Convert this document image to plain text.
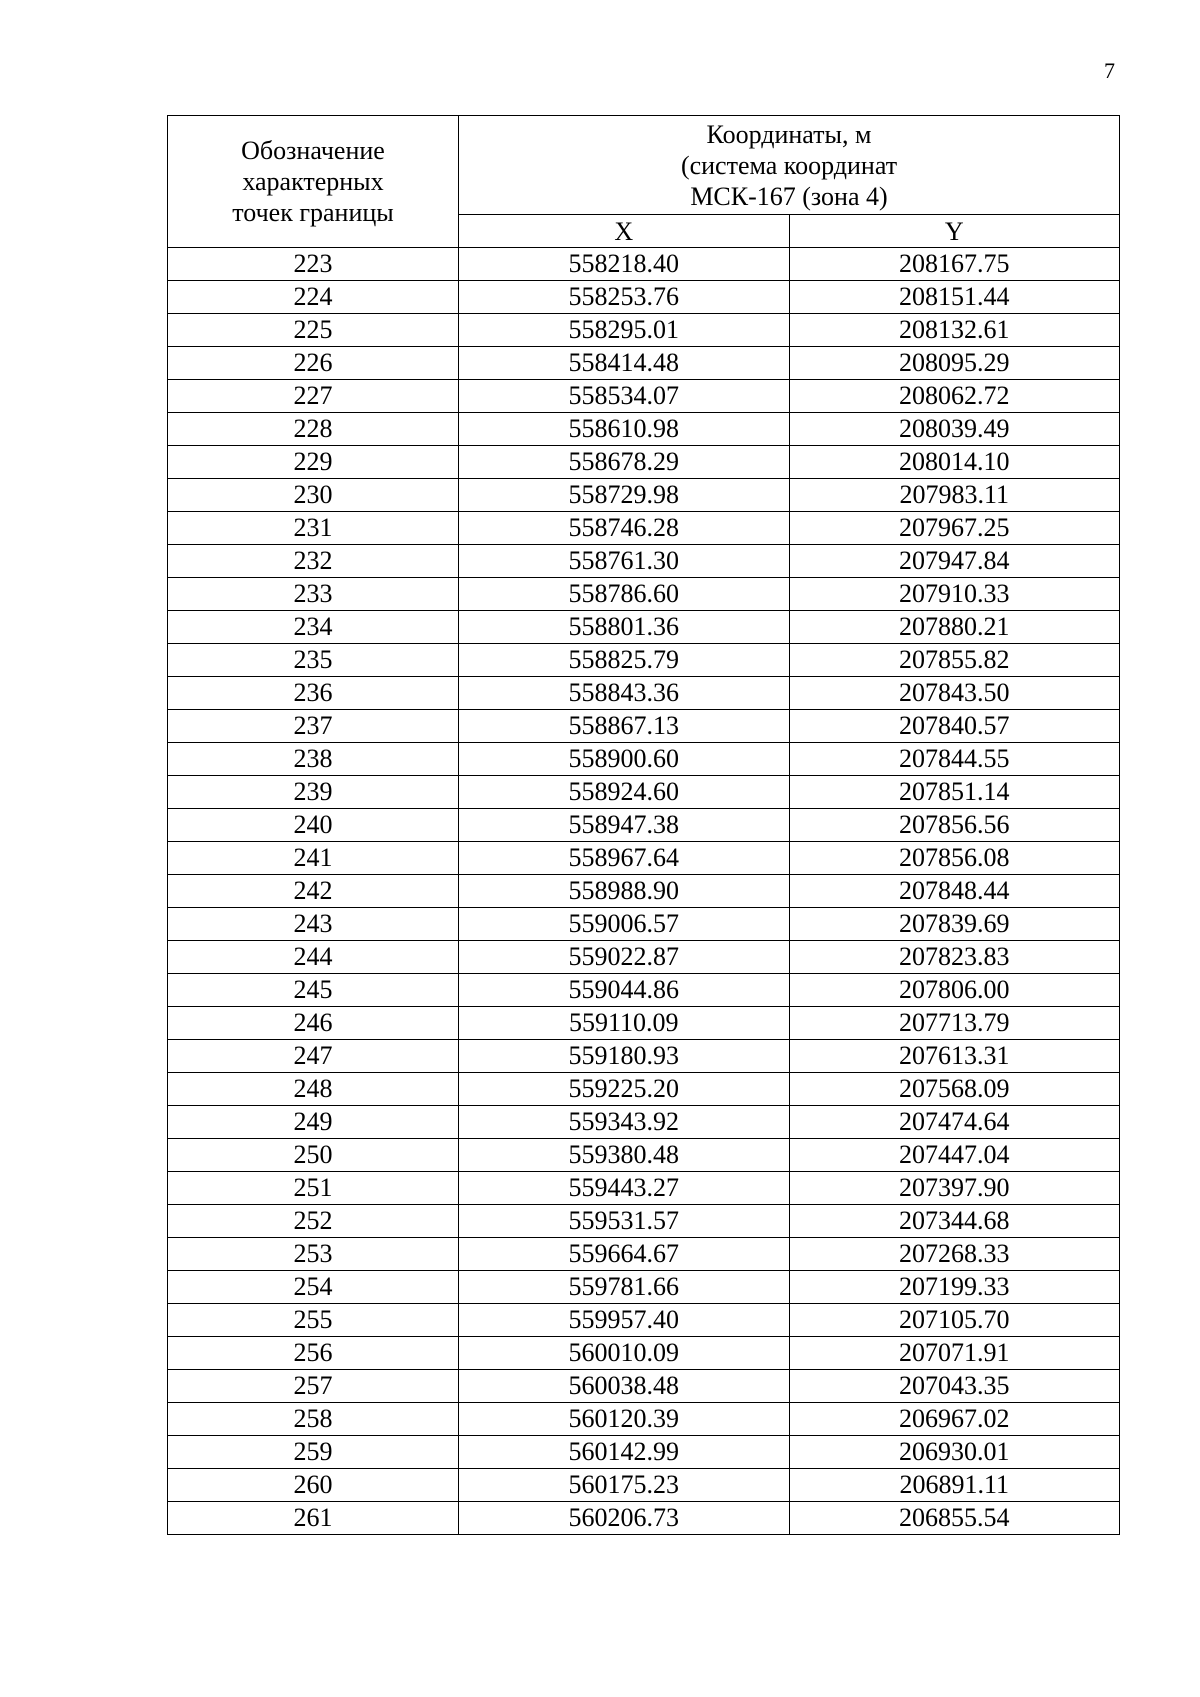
7
Обозначение
характерных
точек границы	Координаты, м
(система координат
МСК-167 (зона 4)	

	X	Y
223	558218.40	208167.75
224	558253.76	208151.44
225	558295.01	208132.61
226	558414.48	208095.29
227	558534.07	208062.72
228	558610.98	208039.49
229	558678.29	208014.10
230	558729.98	207983.11
231	558746.28	207967.25
232	558761.30	207947.84
233	558786.60	207910.33
234	558801.36	207880.21
235	558825.79	207855.82
236	558843.36	207843.50
237	558867.13	207840.57
238	558900.60	207844.55
239	558924.60	207851.14
240	558947.38	207856.56
241	558967.64	207856.08
242	558988.90	207848.44
243	559006.57	207839.69
244	559022.87	207823.83
245	559044.86	207806.00
246	559110.09	207713.79
247	559180.93	207613.31
248	559225.20	207568.09
249	559343.92	207474.64
250	559380.48	207447.04
251	559443.27	207397.90
252	559531.57	207344.68
253	559664.67	207268.33
254	559781.66	207199.33
255	559957.40	207105.70
256	560010.09	207071.91
257	560038.48	207043.35
258	560120.39	206967.02
259	560142.99	206930.01
260	560175.23	206891.11
261	560206.73	206855.54
